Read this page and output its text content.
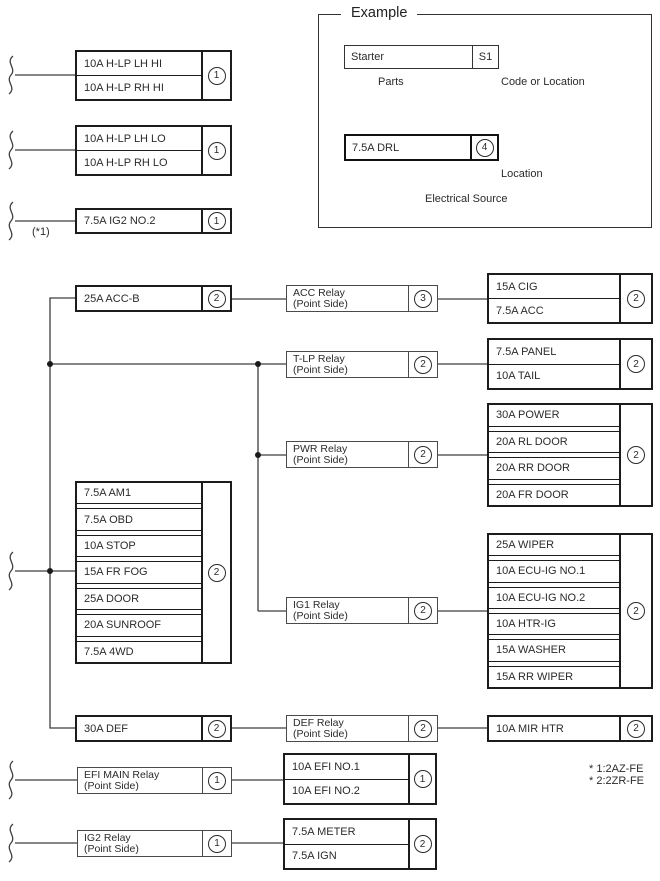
10A H-LP LH HI
10A H-LP RH HI
1
10A H-LP LH LO
10A H-LP RH LO
1
7.5A IG2 NO.2	1
(*1)
Example
Starter	S1
7.5A DRL	4
Parts	Code or Location
Location
Electrical Source
25A ACC-B	2	ACC Relay
(Point Side)	3
15A CIG
7.5A ACC
2
T-LP Relay
(Point Side)	2
7.5A PANEL
10A TAIL
2
PWR Relay
(Point Side)	2
30A POWER
20A RL DOOR
20A RR DOOR
20A FR DOOR
2
7.5A AM1
7.5A OBD
10A STOP
15A FR FOG
25A DOOR
20A SUNROOF
7.5A 4WD
2
IG1 Relay
(Point Side)	2
25A WIPER
10A ECU-IG NO.1
10A ECU-IG NO.2
10A HTR-IG
15A WASHER
15A RR WIPER
2
30A DEF	2	DEF Relay
(Point Side)	2	10A MIR HTR	2
EFI MAIN Relay
(Point Side)	1
10A EFI NO.1
10A EFI NO.2
1
* 1:2AZ-FE
* 2:2ZR-FE
IG2 Relay
(Point Side)	1
7.5A METER
7.5A IGN
2
